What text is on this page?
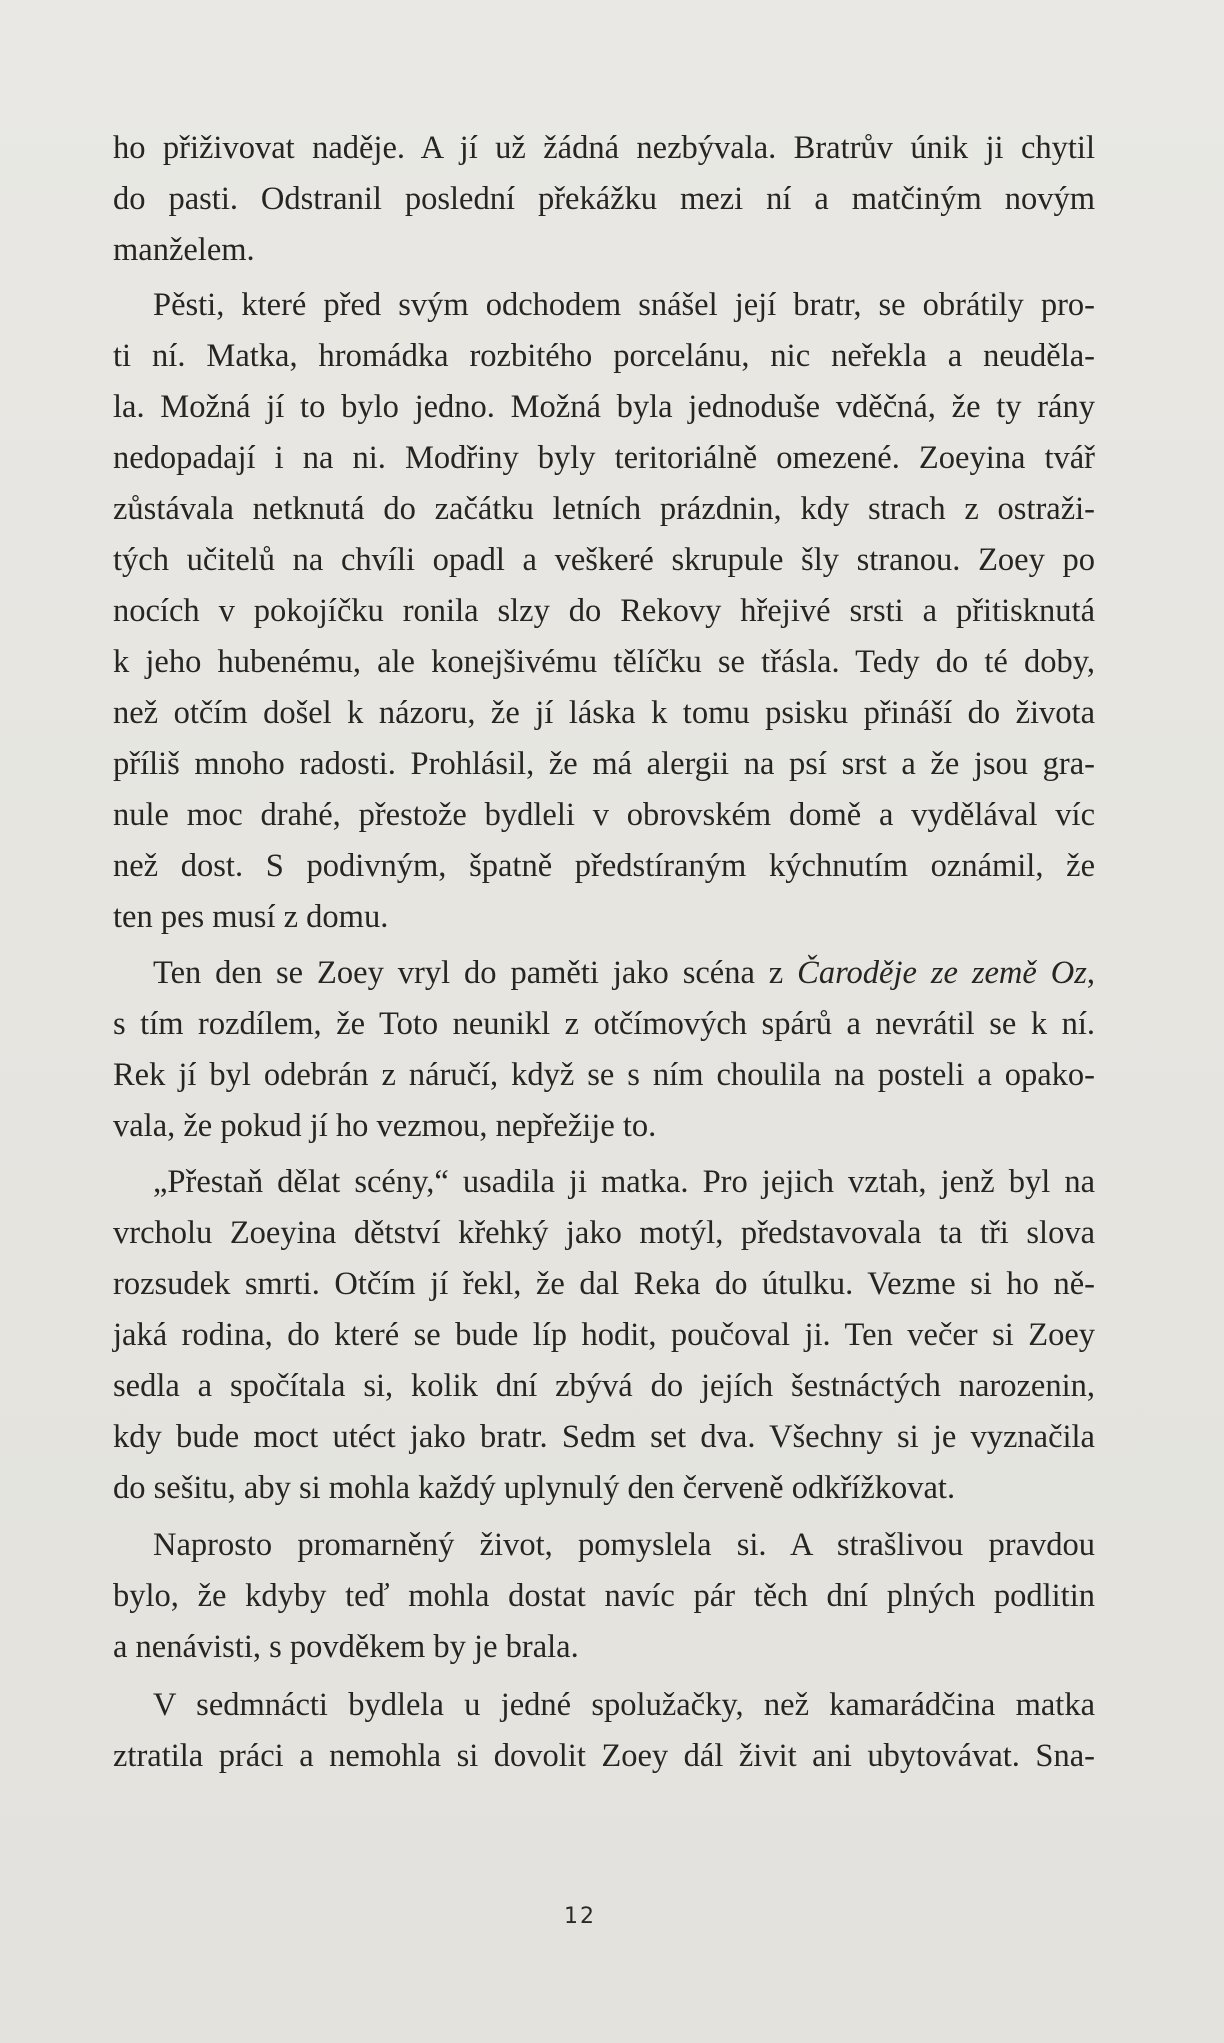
ho přiživovat naděje. A jí už žádná nezbývala. Bratrův únik ji chytil
do pasti. Odstranil poslední překážku mezi ní a matčiným novým
manželem.
Pěsti, které před svým odchodem snášel její bratr, se obrátily pro-
ti ní. Matka, hromádka rozbitého porcelánu, nic neřekla a neuděla-
la. Možná jí to bylo jedno. Možná byla jednoduše vděčná, že ty rány
nedopadají i na ni. Modřiny byly teritoriálně omezené. Zoeyina tvář
zůstávala netknutá do začátku letních prázdnin, kdy strach z ostraži-
tých učitelů na chvíli opadl a veškeré skrupule šly stranou. Zoey po
nocích v pokojíčku ronila slzy do Rekovy hřejivé srsti a přitisknutá
k jeho hubenému, ale konejšivému tělíčku se třásla. Tedy do té doby,
než otčím došel k názoru, že jí láska k tomu psisku přináší do života
příliš mnoho radosti. Prohlásil, že má alergii na psí srst a že jsou gra-
nule moc drahé, přestože bydleli v obrovském domě a vydělával víc
než dost. S podivným, špatně předstíraným kýchnutím oznámil, že
ten pes musí z domu.
Ten den se Zoey vryl do paměti jako scéna z Čaroděje ze země Oz,
s tím rozdílem, že Toto neunikl z otčímových spárů a nevrátil se k ní.
Rek jí byl odebrán z náručí, když se s ním choulila na posteli a opako-
vala, že pokud jí ho vezmou, nepřežije to.
„Přestaň dělat scény,“ usadila ji matka. Pro jejich vztah, jenž byl na
vrcholu Zoeyina dětství křehký jako motýl, představovala ta tři slova
rozsudek smrti. Otčím jí řekl, že dal Reka do útulku. Vezme si ho ně-
jaká rodina, do které se bude líp hodit, poučoval ji. Ten večer si Zoey
sedla a spočítala si, kolik dní zbývá do jejích šestnáctých narozenin,
kdy bude moct utéct jako bratr. Sedm set dva. Všechny si je vyznačila
do sešitu, aby si mohla každý uplynulý den červeně odkřížkovat.
Naprosto promarněný život, pomyslela si. A strašlivou pravdou
bylo, že kdyby teď mohla dostat navíc pár těch dní plných podlitin
a nenávisti, s povděkem by je brala.
V sedmnácti bydlela u jedné spolužačky, než kamarádčina matka
ztratila práci a nemohla si dovolit Zoey dál živit ani ubytovávat. Sna-
12
